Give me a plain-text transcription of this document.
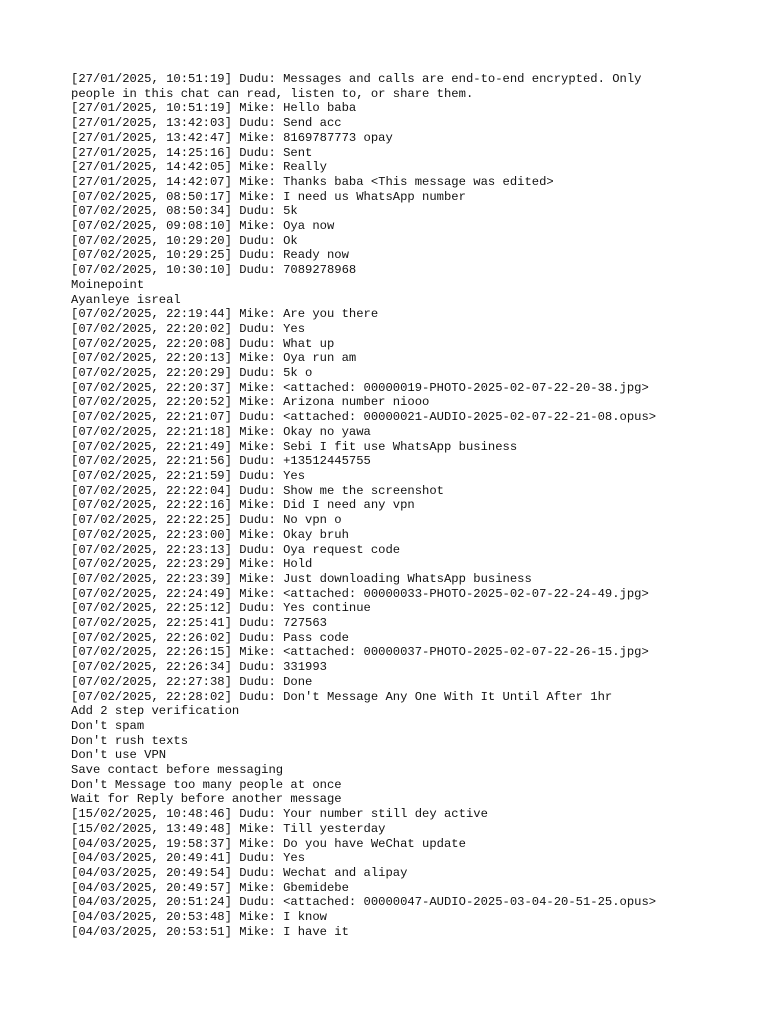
[27/01/2025, 10:51:19] Dudu: Messages and calls are end-to-end encrypted. Only
people in this chat can read, listen to, or share them.
[27/01/2025, 10:51:19] Mike: Hello baba
[27/01/2025, 13:42:03] Dudu: Send acc
[27/01/2025, 13:42:47] Mike: 8169787773 opay
[27/01/2025, 14:25:16] Dudu: Sent
[27/01/2025, 14:42:05] Mike: Really
[27/01/2025, 14:42:07] Mike: Thanks baba <This message was edited>
[07/02/2025, 08:50:17] Mike: I need us WhatsApp number
[07/02/2025, 08:50:34] Dudu: 5k
[07/02/2025, 09:08:10] Mike: Oya now
[07/02/2025, 10:29:20] Dudu: Ok
[07/02/2025, 10:29:25] Dudu: Ready now
[07/02/2025, 10:30:10] Dudu: 7089278968
Moinepoint
Ayanleye isreal
[07/02/2025, 22:19:44] Mike: Are you there
[07/02/2025, 22:20:02] Dudu: Yes
[07/02/2025, 22:20:08] Dudu: What up
[07/02/2025, 22:20:13] Mike: Oya run am
[07/02/2025, 22:20:29] Dudu: 5k o
[07/02/2025, 22:20:37] Mike: <attached: 00000019-PHOTO-2025-02-07-22-20-38.jpg>
[07/02/2025, 22:20:52] Mike: Arizona number niooo
[07/02/2025, 22:21:07] Dudu: <attached: 00000021-AUDIO-2025-02-07-22-21-08.opus>
[07/02/2025, 22:21:18] Mike: Okay no yawa
[07/02/2025, 22:21:49] Mike: Sebi I fit use WhatsApp business
[07/02/2025, 22:21:56] Dudu: +13512445755
[07/02/2025, 22:21:59] Dudu: Yes
[07/02/2025, 22:22:04] Dudu: Show me the screenshot
[07/02/2025, 22:22:16] Mike: Did I need any vpn
[07/02/2025, 22:22:25] Dudu: No vpn o
[07/02/2025, 22:23:00] Mike: Okay bruh
[07/02/2025, 22:23:13] Dudu: Oya request code
[07/02/2025, 22:23:29] Mike: Hold
[07/02/2025, 22:23:39] Mike: Just downloading WhatsApp business
[07/02/2025, 22:24:49] Mike: <attached: 00000033-PHOTO-2025-02-07-22-24-49.jpg>
[07/02/2025, 22:25:12] Dudu: Yes continue
[07/02/2025, 22:25:41] Dudu: 727563
[07/02/2025, 22:26:02] Dudu: Pass code
[07/02/2025, 22:26:15] Mike: <attached: 00000037-PHOTO-2025-02-07-22-26-15.jpg>
[07/02/2025, 22:26:34] Dudu: 331993
[07/02/2025, 22:27:38] Dudu: Done
[07/02/2025, 22:28:02] Dudu: Don't Message Any One With It Until After 1hr
Add 2 step verification
Don't spam
Don't rush texts
Don't use VPN
Save contact before messaging
Don't Message too many people at once
Wait for Reply before another message
[15/02/2025, 10:48:46] Dudu: Your number still dey active
[15/02/2025, 13:49:48] Mike: Till yesterday
[04/03/2025, 19:58:37] Mike: Do you have WeChat update
[04/03/2025, 20:49:41] Dudu: Yes
[04/03/2025, 20:49:54] Dudu: Wechat and alipay
[04/03/2025, 20:49:57] Mike: Gbemidebe
[04/03/2025, 20:51:24] Dudu: <attached: 00000047-AUDIO-2025-03-04-20-51-25.opus>
[04/03/2025, 20:53:48] Mike: I know
[04/03/2025, 20:53:51] Mike: I have it
